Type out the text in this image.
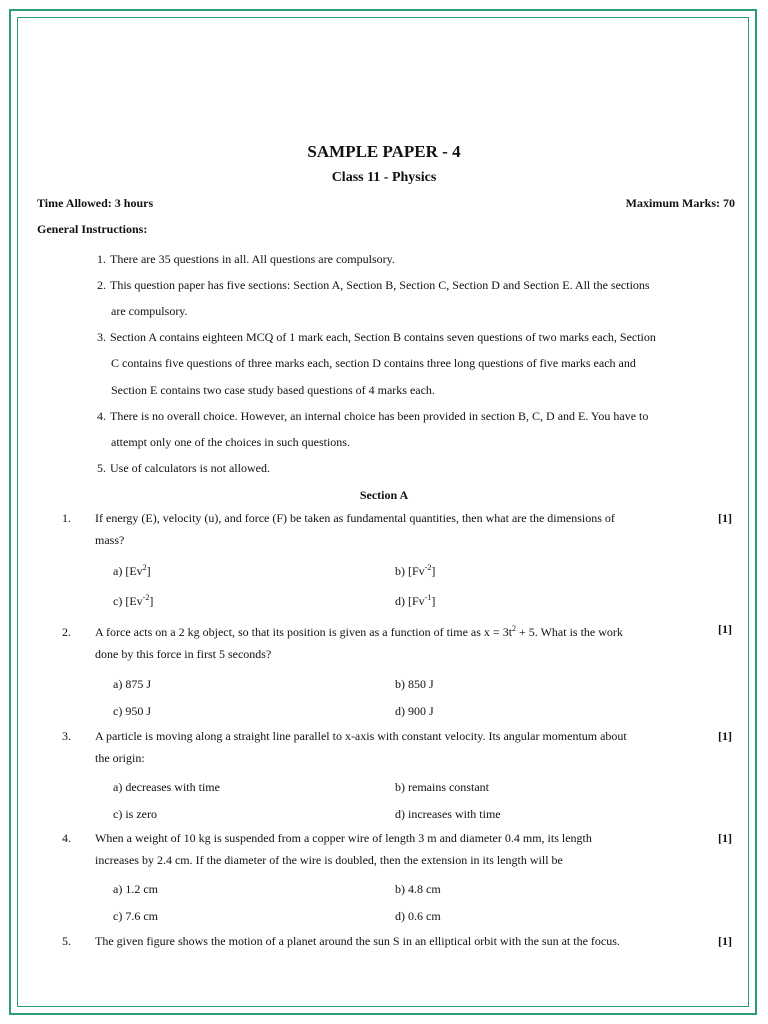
SAMPLE PAPER - 4
Class 11 - Physics
Time Allowed: 3 hours	Maximum Marks: 70
General Instructions:
1. There are 35 questions in all. All questions are compulsory.
2. This question paper has five sections: Section A, Section B, Section C, Section D and Section E. All the sections
are compulsory.
3. Section A contains eighteen MCQ of 1 mark each, Section B contains seven questions of two marks each, Section
C contains five questions of three marks each, section D contains three long questions of five marks each and
Section E contains two case study based questions of 4 marks each.
4. There is no overall choice. However, an internal choice has been provided in section B, C, D and E. You have to
attempt only one of the choices in such questions.
5. Use of calculators is not allowed.
Section A
1. If energy (E), velocity (u), and force (F) be taken as fundamental quantities, then what are the dimensions of	[1]
mass?
a) [Ev$^2$]	b) $[Fv^{-2}]$
c) $[Ev^{-2}]$	d) $[Fv^{-1}]$
2. A force acts on a 2 kg object, so that its position is given as a function of time as $x = 3t^2 + 5$. What is the work	[1]
done by this force in first 5 seconds?
a) 875 J	b) 850 J
c) 950 J	d) 900 J
3. A particle is moving along a straight line parallel to x-axis with constant velocity. Its angular momentum about	[1]
the origin:
a) decreases with time	b) remains constant
c) is zero	d) increases with time
4. When a weight of 10 kg is suspended from a copper wire of length 3 m and diameter 0.4 mm, its length	[1]
increases by 2.4 cm. If the diameter of the wire is doubled, then the extension in its length will be
a) 1.2 cm	b) 4.8 cm
c) 7.6 cm	d) 0.6 cm
5. The given figure shows the motion of a planet around the sun S in an elliptical orbit with the sun at the focus.	[1]
